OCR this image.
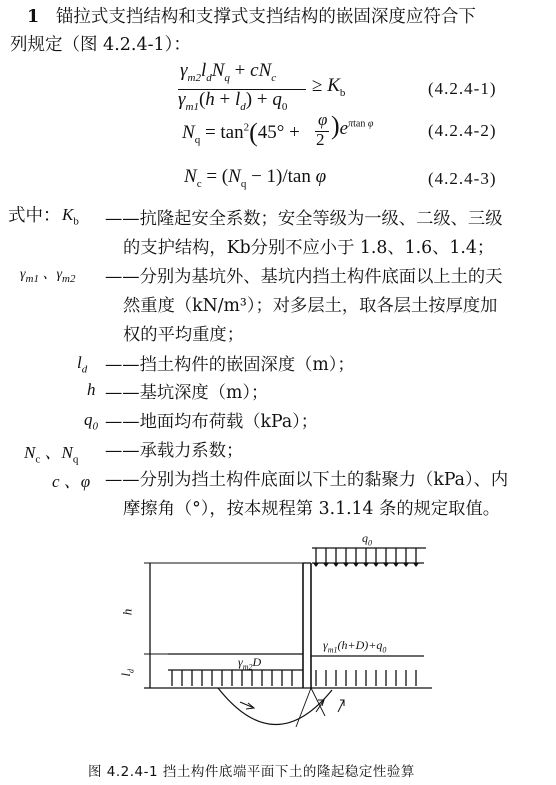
1 锚拉式支挡结构和支撑式支挡结构的嵌固深度应符合下
列规定（图 4.2.4-1）：
$\gamma_{m2}l_dN_q + cN_c$
$\gamma_{m1}(h + l_d) + q_0$
≥ $K_b$	(4.2.4-1)
$N_q = \tan^2(45^\circ$ +
φ
2 )$e^{\pi tan}$ $^\varphi$	(4.2.4-2)
$N_c = (N_q - 1)/\tan$ φ	(4.2.4-3)
式中： $K_b$ ——抗隆起安全系数；安全等级为一级、二级、三级
的支护结构，Kb分别不应小于 1.8、1.6、1.4；
$\gamma_{m1}$ 、$\gamma_{m2}$ ——分别为基坑外、基坑内挡土构件底面以上土的天
然重度（kN/m³）；对多层土，取各层土按厚度加
权的平均重度；
$l_d$ ——挡土构件的嵌固深度（m）；
h ——基坑深度（m）；
$q_0$ ——地面均布荷载（kPa）；
$N_c$ 、$N_q$ ——承载力系数；
c 、φ ——分别为挡土构件底面以下土的黏聚力（kPa）、内
摩擦角（°），按本规程第 3.1.14 条的规定取值。
$q_0$
h
$l_d$
$\gamma_{m2}D$
$\gamma_{m1}(h+D)+q_0$
图 4.2.4-1 挡土构件底端平面下土的隆起稳定性验算
